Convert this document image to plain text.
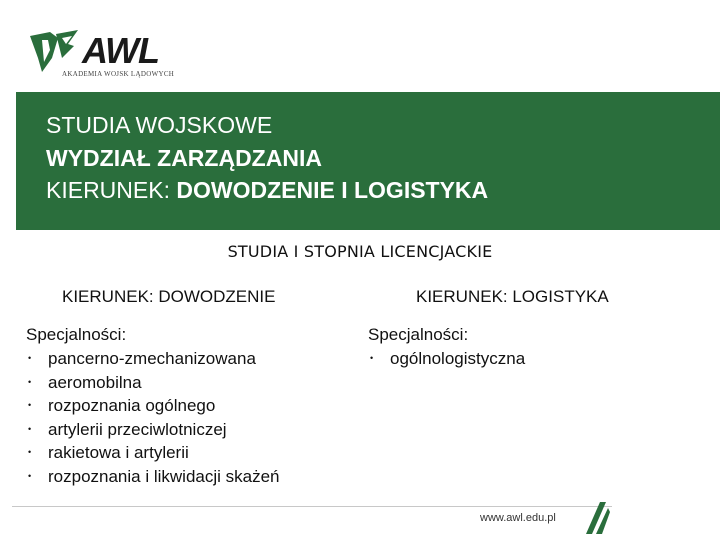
AWL
AKADEMIA WOJSK LĄDOWYCH
STUDIA WOJSKOWE
WYDZIAŁ ZARZĄDZANIA
KIERUNEK: DOWODZENIE I LOGISTYKA
STUDIA I STOPNIA LICENCJACKIE
KIERUNEK: DOWODZENIE	KIERUNEK: LOGISTYKA
Specjalności:
• pancerno-zmechanizowana
• aeromobilna
• rozpoznania ogólnego
• artylerii przeciwlotniczej
• rakietowa i artylerii
• rozpoznania i likwidacji skażeń
Specjalności:
• ogólnologistyczna
www.awl.edu.pl
